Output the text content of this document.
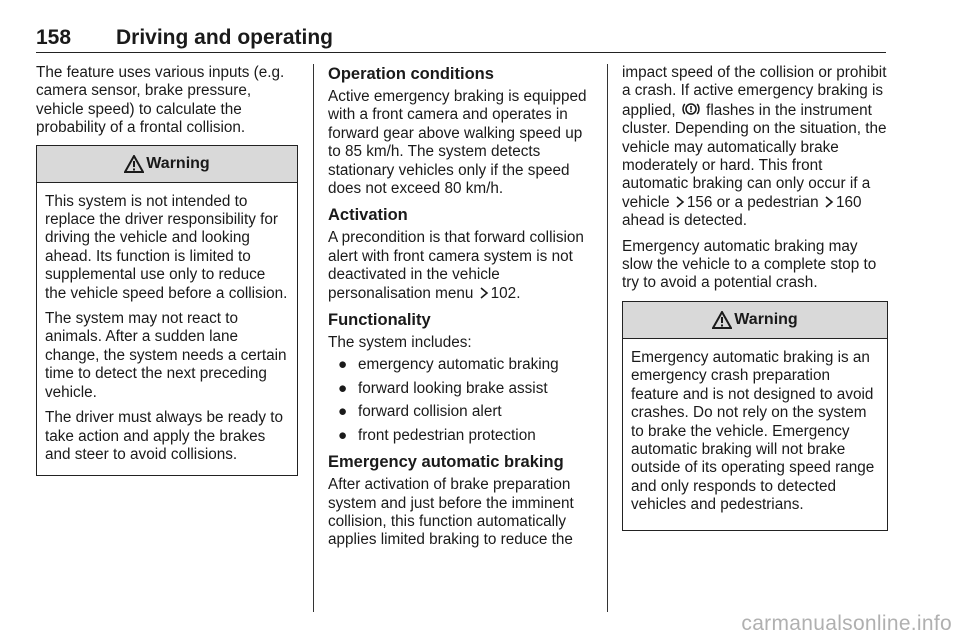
158 Driving and operating

The feature uses various inputs (e.g. camera sensor, brake pressure, vehicle speed) to calculate the probability of a frontal collision.

Warning

This system is not intended to replace the driver responsibility for driving the vehicle and looking ahead. Its function is limited to supplemental use only to reduce the vehicle speed before a collision.

The system may not react to animals. After a sudden lane change, the system needs a certain time to detect the next preceding vehicle.

The driver must always be ready to take action and apply the brakes and steer to avoid collisions.

Operation conditions

Active emergency braking is equipped with a front camera and operates in forward gear above walking speed up to 85 km/h. The system detects stationary vehicles only if the speed does not exceed 80 km/h.

Activation

A precondition is that forward collision alert with front camera system is not deactivated in the vehicle personalisation menu 102.

Functionality

The system includes:

● emergency automatic braking
● forward looking brake assist
● forward collision alert
● front pedestrian protection
Emergency automatic braking

After activation of brake preparation system and just before the imminent collision, this function automatically applies limited braking to reduce the

impact speed of the collision or prohibit a crash. If active emergency braking is applied, flashes in the instrument cluster. Depending on the situation, the vehicle may automatically brake moderately or hard. This front automatic braking can only occur if a vehicle 156 or a pedestrian 160 ahead is detected.

Emergency automatic braking may slow the vehicle to a complete stop to try to avoid a potential crash.

Warning

Emergency automatic braking is an emergency crash preparation feature and is not designed to avoid crashes. Do not rely on the system to brake the vehicle. Emergency automatic braking will not brake outside of its operating speed range and only responds to detected vehicles and pedestrians.

carmanualsonline.info
